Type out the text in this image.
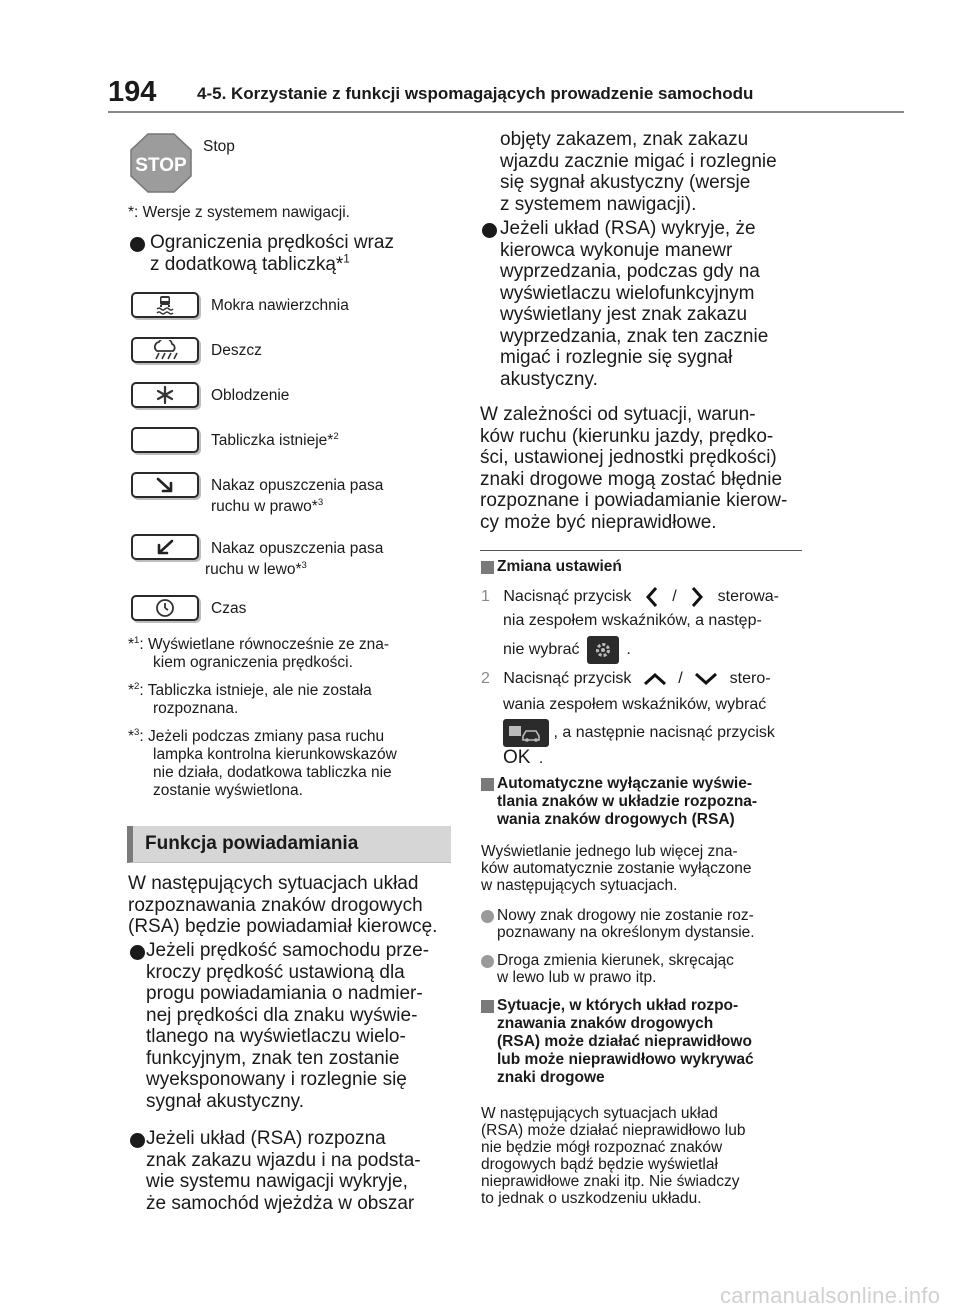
194 4-5. Korzystanie z funkcji wspomagających prowadzenie samochodu
STOP
Stop
*: Wersje z systemem nawigacji.
Ograniczenia prędkości wraz
z dodatkową tabliczką*$^1$
Mokra nawierzchnia
Deszcz
Oblodzenie
Tabliczka istnieje*$^2$
Nakaz opuszczenia pasa
ruchu w prawo*$^3$
Nakaz opuszczenia pasa
ruchu w lewo*$^3$
Czas
*$^1$: Wyświetlane równocześnie ze zna-
kiem ograniczenia prędkości.
*$^2$: Tabliczka istnieje, ale nie została
rozpoznana.
*$^3$: Jeżeli podczas zmiany pasa ruchu
lampka kontrolna kierunkowskazów
nie działa, dodatkowa tabliczka nie
zostanie wyświetlona.
Funkcja powiadamiania
W następujących sytuacjach układ
rozpoznawania znaków drogowych
(RSA) będzie powiadamiał kierowcę.
Jeżeli prędkość samochodu prze-
kroczy prędkość ustawioną dla
progu powiadamiania o nadmier-
nej prędkości dla znaku wyświe-
tlanego na wyświetlaczu wielo-
funkcyjnym, znak ten zostanie
wyeksponowany i rozlegnie się
sygnał akustyczny.
Jeżeli układ (RSA) rozpozna
znak zakazu wjazdu i na podsta-
wie systemu nawigacji wykryje,
że samochód wjeżdża w obszar
objęty zakazem, znak zakazu
wjazdu zacznie migać i rozlegnie
się sygnał akustyczny (wersje
z systemem nawigacji).
Jeżeli układ (RSA) wykryje, że
kierowca wykonuje manewr
wyprzedzania, podczas gdy na
wyświetlaczu wielofunkcyjnym
wyświetlany jest znak zakazu
wyprzedzania, znak ten zacznie
migać i rozlegnie się sygnał
akustyczny.
W zależności od sytuacji, warun-
ków ruchu (kierunku jazdy, prędko-
ści, ustawionej jednostki prędkości)
znaki drogowe mogą zostać błędnie
rozpoznane i powiadamianie kierow-
cy może być nieprawidłowe.
Zmiana ustawień
1 Nacisnąć przycisk	/	sterowa-
nia zespołem wskaźników, a następ-
nie wybrać	.
2 Nacisnąć przycisk	/	stero-
wania zespołem wskaźników, wybrać
, a następnie nacisnąć przycisk
OK .
Automatyczne wyłączanie wyświe-
tlania znaków w układzie rozpozna-
wania znaków drogowych (RSA)
Wyświetlanie jednego lub więcej zna-
ków automatycznie zostanie wyłączone
w następujących sytuacjach.
Nowy znak drogowy nie zostanie roz-
poznawany na określonym dystansie.
Droga zmienia kierunek, skręcając
w lewo lub w prawo itp.
Sytuacje, w których układ rozpo-
znawania znaków drogowych
(RSA) może działać nieprawidłowo
lub może nieprawidłowo wykrywać
znaki drogowe
W następujących sytuacjach układ
(RSA) może działać nieprawidłowo lub
nie będzie mógł rozpoznać znaków
drogowych bądź będzie wyświetlał
nieprawidłowe znaki itp. Nie świadczy
to jednak o uszkodzeniu układu.
carmanualsonline.info
